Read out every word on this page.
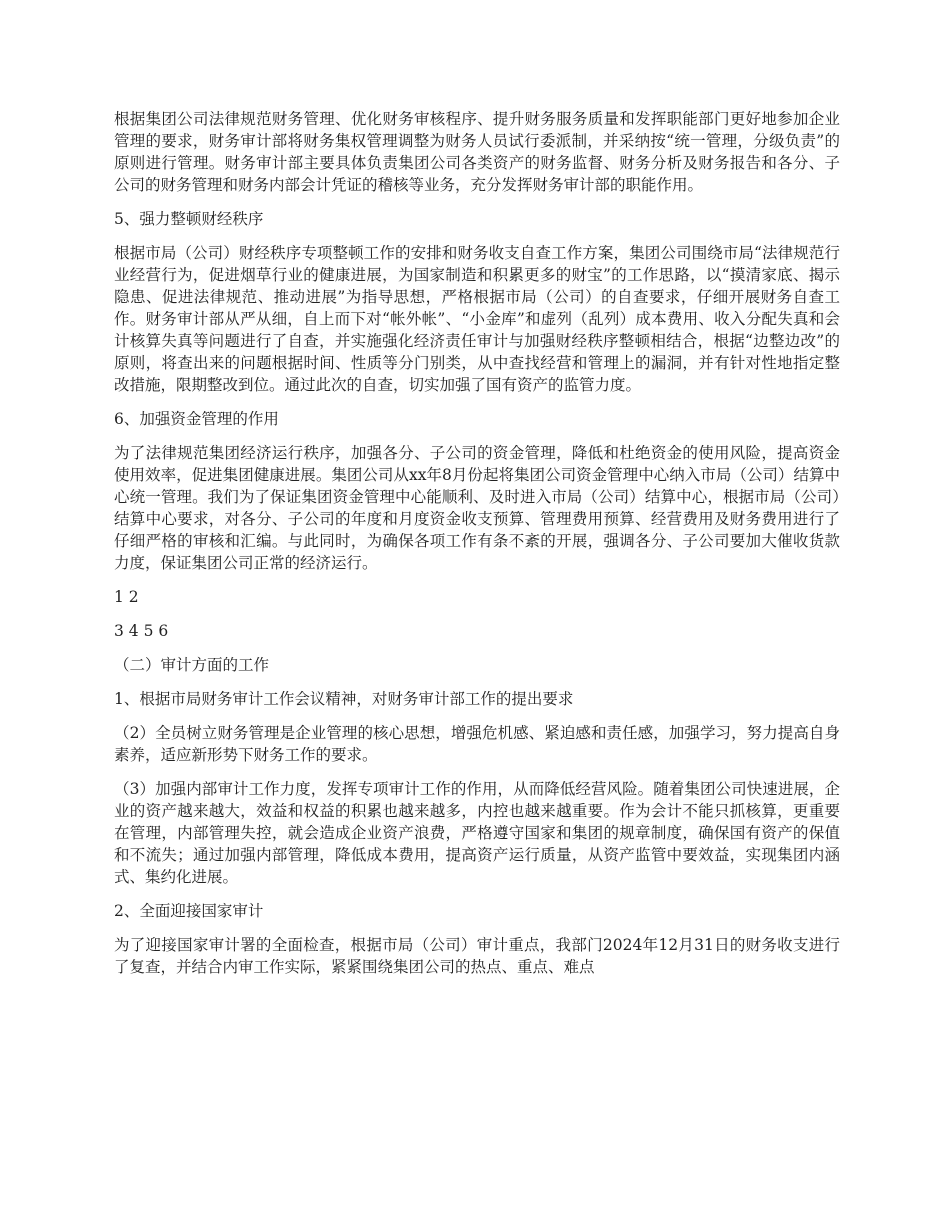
根据集团公司法律规范财务管理、优化财务审核程序、提升财务服务质量和发挥职能部门更好地参加企业管理的要求，财务审计部将财务集权管理调整为财务人员试行委派制，并采纳按“统一管理，分级负责”的原则进行管理。财务审计部主要具体负责集团公司各类资产的财务监督、财务分析及财务报告和各分、子公司的财务管理和财务内部会计凭证的稽核等业务，充分发挥财务审计部的职能作用。

5、强力整顿财经秩序

根据市局（公司）财经秩序专项整顿工作的安排和财务收支自查工作方案，集团公司围绕市局“法律规范行业经营行为，促进烟草行业的健康进展，为国家制造和积累更多的财宝”的工作思路，以“摸清家底、揭示隐患、促进法律规范、推动进展”为指导思想，严格根据市局（公司）的自查要求，仔细开展财务自查工作。财务审计部从严从细，自上而下对“帐外帐”、“小金库”和虚列（乱列）成本费用、收入分配失真和会计核算失真等问题进行了自查，并实施强化经济责任审计与加强财经秩序整顿相结合，根据“边整边改”的原则，将查出来的问题根据时间、性质等分门别类，从中查找经营和管理上的漏洞，并有针对性地指定整改措施，限期整改到位。通过此次的自查，切实加强了国有资产的监管力度。

6、加强资金管理的作用

为了法律规范集团经济运行秩序，加强各分、子公司的资金管理，降低和杜绝资金的使用风险，提高资金使用效率，促进集团健康进展。集团公司从xx年8月份起将集团公司资金管理中心纳入市局（公司）结算中心统一管理。我们为了保证集团资金管理中心能顺利、及时进入市局（公司）结算中心，根据市局（公司）结算中心要求，对各分、子公司的年度和月度资金收支预算、管理费用预算、经营费用及财务费用进行了仔细严格的审核和汇编。与此同时，为确保各项工作有条不紊的开展，强调各分、子公司要加大催收货款力度，保证集团公司正常的经济运行。

1 2

3 4 5 6

（二）审计方面的工作

1、根据市局财务审计工作会议精神，对财务审计部工作的提出要求

（2）全员树立财务管理是企业管理的核心思想，增强危机感、紧迫感和责任感，加强学习，努力提高自身素养，适应新形势下财务工作的要求。

（3）加强内部审计工作力度，发挥专项审计工作的作用，从而降低经营风险。随着集团公司快速进展，企业的资产越来越大，效益和权益的积累也越来越多，内控也越来越重要。作为会计不能只抓核算，更重要在管理，内部管理失控，就会造成企业资产浪费，严格遵守国家和集团的规章制度，确保国有资产的保值和不流失；通过加强内部管理，降低成本费用，提高资产运行质量，从资产监管中要效益，实现集团内涵式、集约化进展。

2、全面迎接国家审计

为了迎接国家审计署的全面检查，根据市局（公司）审计重点，我部门2024年12月31日的财务收支进行了复查，并结合内审工作实际，紧紧围绕集团公司的热点、重点、难点
